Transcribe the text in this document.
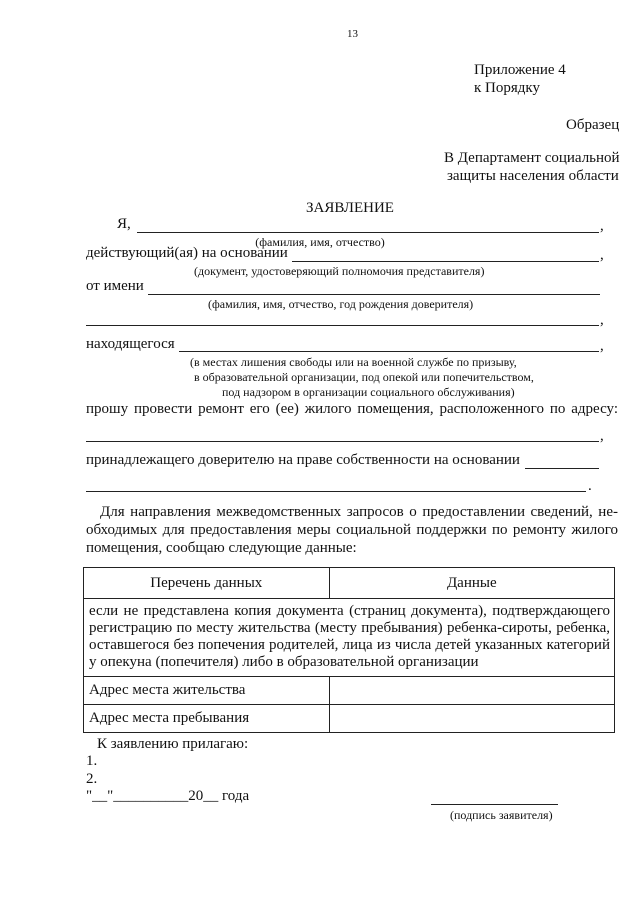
13
Приложение 4
к Порядку
Образец
В Департамент социальной
защиты населения области
ЗАЯВЛЕНИЕ
Я,	,
(фамилия, имя, отчество)
действующий(ая) на основании	,
(документ, удостоверяющий полномочия представителя)
от имени
(фамилия, имя, отчество, год рождения доверителя)
,
находящегося	,
(в местах лишения свободы или на военной службе по призыву,
в образовательной организации, под опекой или попечительством,
под надзором в организации социального обслуживания)
прошу провести ремонт его (ее) жилого помещения, расположенного по адресу:
,
принадлежащего доверителю на праве собственности на основании
.
Для направления межведомственных запросов о предоставлении сведений, не-
обходимых для предоставления меры социальной поддержки по ремонту жилого
помещения, сообщаю следующие данные:
Перечень данных	Данные
если не представлена копия документа (страниц документа), подтверждающего регистрацию по месту жительства (месту пребывания) ребенка-сироты, ребенка, оставшегося без попечения родителей, лица из числа детей указанных категорий у опекуна (попечителя) либо в образовательной организации	
Адрес места жительства	
Адрес места пребывания	
К заявлению прилагаю:
1.
2.
"__"__________20__ года
(подпись заявителя)
